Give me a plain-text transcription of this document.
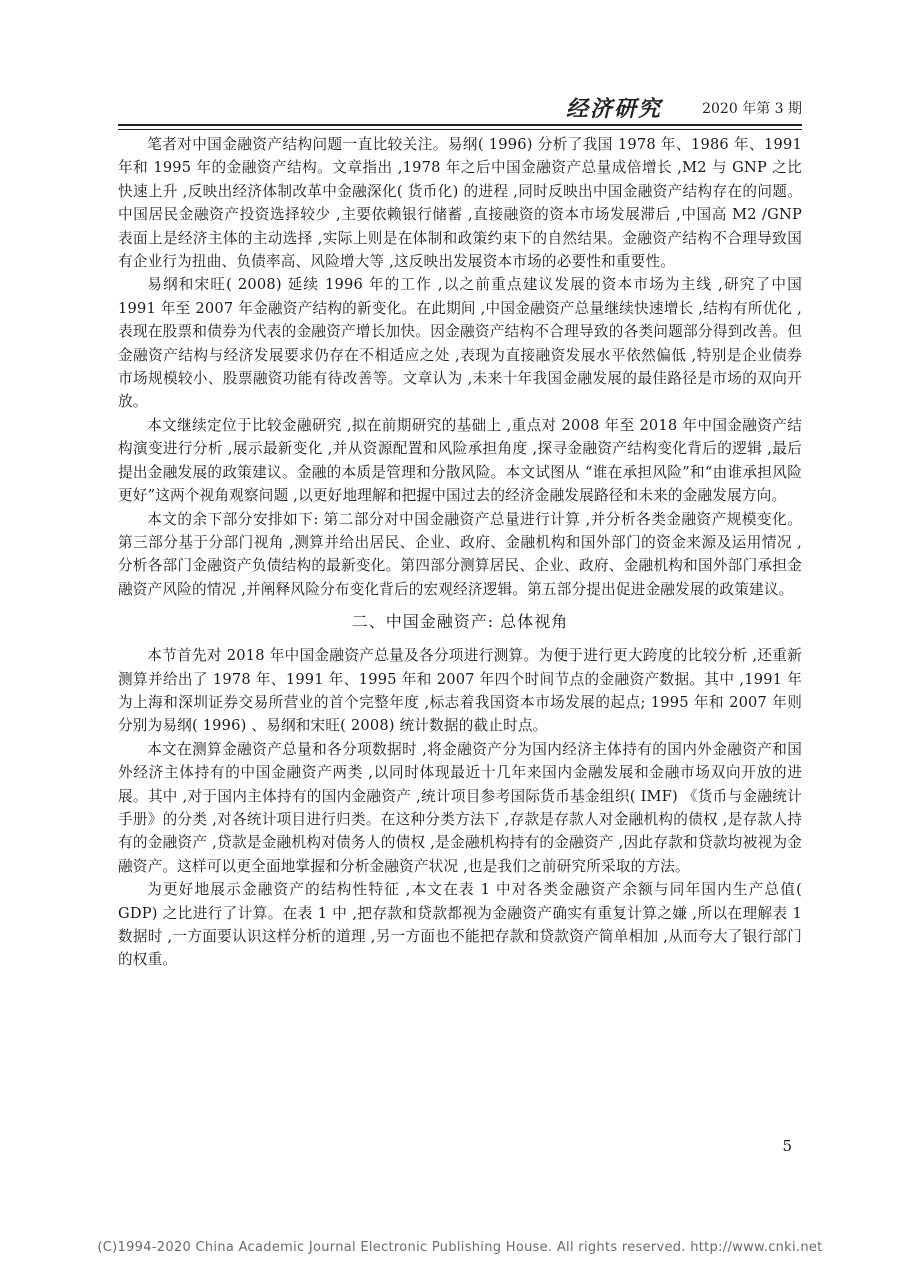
经济研究	2020 年第 3 期

笔者对中国金融资产结构问题一直比较关注。易纲( 1996) 分析了我国 1978 年、1986 年、1991 年和 1995 年的金融资产结构。文章指出 ,1978 年之后中国金融资产总量成倍增长 ,M2 与 GNP 之比快速上升 ,反映出经济体制改革中金融深化( 货币化) 的进程 ,同时反映出中国金融资产结构存在的问题。中国居民金融资产投资选择较少 ,主要依赖银行储蓄 ,直接融资的资本市场发展滞后 ,中国高 M2 /GNP 表面上是经济主体的主动选择 ,实际上则是在体制和政策约束下的自然结果。金融资产结构不合理导致国有企业行为扭曲、负债率高、风险增大等 ,这反映出发展资本市场的必要性和重要性。

易纲和宋旺( 2008) 延续 1996 年的工作 ,以之前重点建议发展的资本市场为主线 ,研究了中国 1991 年至 2007 年金融资产结构的新变化。在此期间 ,中国金融资产总量继续快速增长 ,结构有所优化 ,表现在股票和债券为代表的金融资产增长加快。因金融资产结构不合理导致的各类问题部分得到改善。但金融资产结构与经济发展要求仍存在不相适应之处 ,表现为直接融资发展水平依然偏低 ,特别是企业债券市场规模较小、股票融资功能有待改善等。文章认为 ,未来十年我国金融发展的最佳路径是市场的双向开放。

本文继续定位于比较金融研究 ,拟在前期研究的基础上 ,重点对 2008 年至 2018 年中国金融资产结构演变进行分析 ,展示最新变化 ,并从资源配置和风险承担角度 ,探寻金融资产结构变化背后的逻辑 ,最后提出金融发展的政策建议。金融的本质是管理和分散风险。本文试图从 “谁在承担风险”和“由谁承担风险更好”这两个视角观察问题 ,以更好地理解和把握中国过去的经济金融发展路径和未来的金融发展方向。

本文的余下部分安排如下: 第二部分对中国金融资产总量进行计算 ,并分析各类金融资产规模变化。第三部分基于分部门视角 ,测算并给出居民、企业、政府、金融机构和国外部门的资金来源及运用情况 ,分析各部门金融资产负债结构的最新变化。第四部分测算居民、企业、政府、金融机构和国外部门承担金融资产风险的情况 ,并阐释风险分布变化背后的宏观经济逻辑。第五部分提出促进金融发展的政策建议。

二、中国金融资产: 总体视角

本节首先对 2018 年中国金融资产总量及各分项进行测算。为便于进行更大跨度的比较分析 ,还重新测算并给出了 1978 年、1991 年、1995 年和 2007 年四个时间节点的金融资产数据。其中 ,1991 年为上海和深圳证券交易所营业的首个完整年度 ,标志着我国资本市场发展的起点; 1995 年和 2007 年则分别为易纲( 1996) 、易纲和宋旺( 2008) 统计数据的截止时点。

本文在测算金融资产总量和各分项数据时 ,将金融资产分为国内经济主体持有的国内外金融资产和国外经济主体持有的中国金融资产两类 ,以同时体现最近十几年来国内金融发展和金融市场双向开放的进展。其中 ,对于国内主体持有的国内金融资产 ,统计项目参考国际货币基金组织( IMF) 《货币与金融统计手册》的分类 ,对各统计项目进行归类。在这种分类方法下 ,存款是存款人对金融机构的债权 ,是存款人持有的金融资产 ,贷款是金融机构对债务人的债权 ,是金融机构持有的金融资产 ,因此存款和贷款均被视为金融资产。这样可以更全面地掌握和分析金融资产状况 ,也是我们之前研究所采取的方法。

为更好地展示金融资产的结构性特征 ,本文在表 1 中对各类金融资产余额与同年国内生产总值( GDP) 之比进行了计算。在表 1 中 ,把存款和贷款都视为金融资产确实有重复计算之嫌 ,所以在理解表 1 数据时 ,一方面要认识这样分析的道理 ,另一方面也不能把存款和贷款资产简单相加 ,从而夸大了银行部门的权重。

5
(C)1994-2020 China Academic Journal Electronic Publishing House. All rights reserved. http://www.cnki.net
